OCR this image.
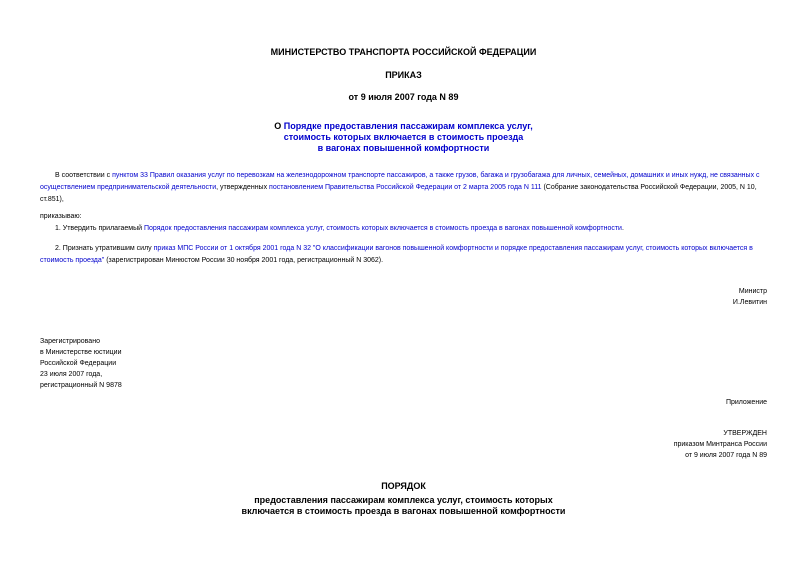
МИНИСТЕРСТВО ТРАНСПОРТА РОССИЙСКОЙ ФЕДЕРАЦИИ
ПРИКАЗ
от 9 июля 2007 года N 89
О Порядке предоставления пассажирам комплекса услуг,
стоимость которых включается в стоимость проезда
в вагонах повышенной комфортности
В соответствии с пунктом 33 Правил оказания услуг по перевозкам на железнодорожном транспорте пассажиров, а также грузов, багажа и грузобагажа для личных, семейных, домашних и иных нужд, не связанных с осуществлением предпринимательской деятельности, утвержденных постановлением Правительства Российской Федерации от 2 марта 2005 года N 111 (Собрание законодательства Российской Федерации, 2005, N 10, ст.851),
приказываю:
1. Утвердить прилагаемый Порядок предоставления пассажирам комплекса услуг, стоимость которых включается в стоимость проезда в вагонах повышенной комфортности.
2. Признать утратившим силу приказ МПС России от 1 октября 2001 года N 32 "О классификации вагонов повышенной комфортности и порядке предоставления пассажирам услуг, стоимость которых включается в стоимость проезда" (зарегистрирован Минюстом России 30 ноября 2001 года, регистрационный N 3062).
Министр
И.Левитин
Зарегистрировано
в Министерстве юстиции
Российской Федерации
23 июля 2007 года,
регистрационный N 9878
Приложение
УТВЕРЖДЕН
приказом Минтранса России
от 9 июля 2007 года N 89
ПОРЯДОК
предоставления пассажирам комплекса услуг, стоимость которых
включается в стоимость проезда в вагонах повышенной комфортности
